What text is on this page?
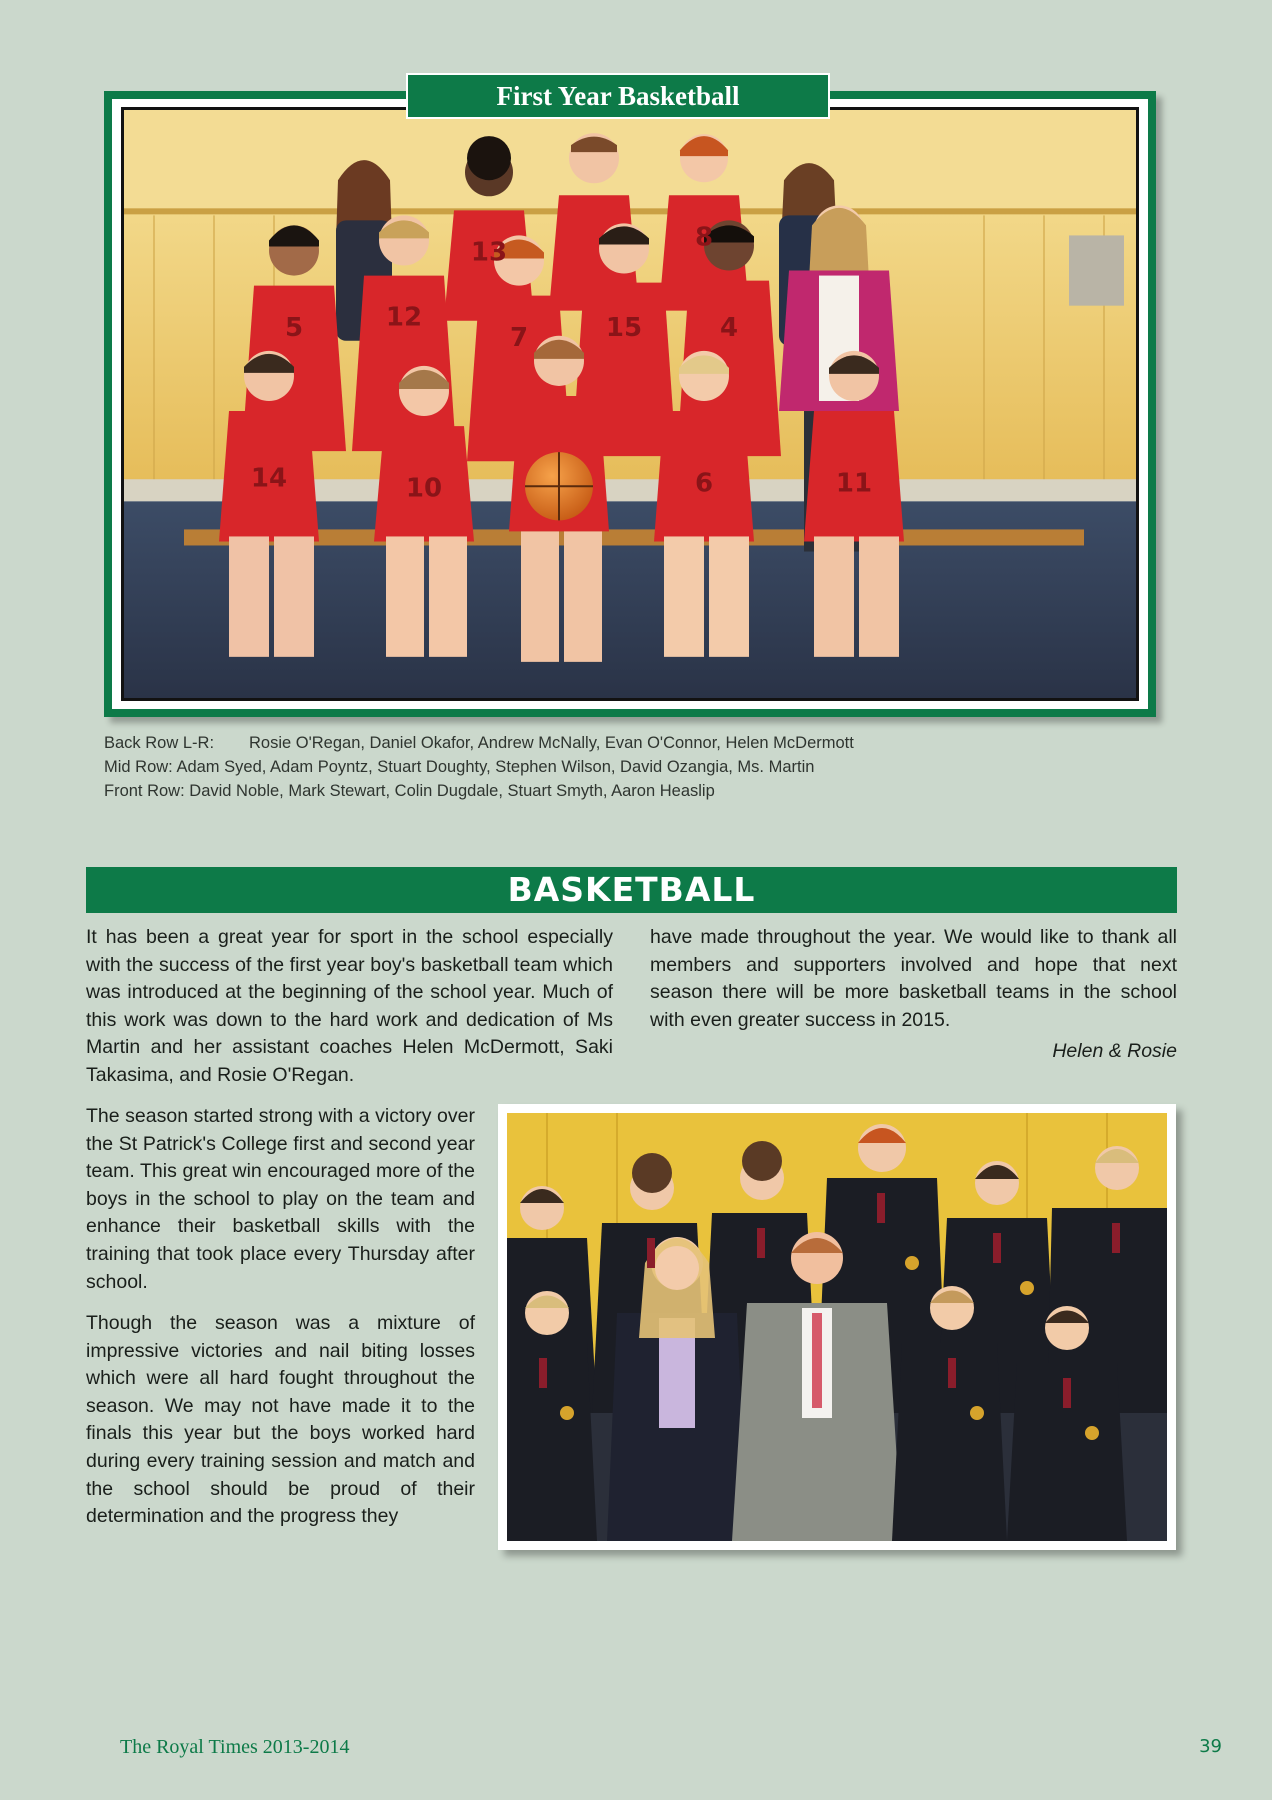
13
8
5	12
7	15	4
14	10	6	11
First Year Basketball
Back Row L-R: Rosie O'Regan, Daniel Okafor, Andrew McNally, Evan O'Connor, Helen McDermott
Mid Row: Adam Syed, Adam Poyntz, Stuart Doughty, Stephen Wilson, David Ozangia, Ms. Martin
Front Row: David Noble, Mark Stewart, Colin Dugdale, Stuart Smyth, Aaron Heaslip
BASKETBALL

It has been a great year for sport in the school especially with the success of the first year boy's basketball team which was introduced at the beginning of the school year. Much of this work was down to the hard work and dedication of Ms Martin and her assistant coaches Helen McDermott, Saki Takasima, and Rosie O'Regan.

The season started strong with a victory over the St Patrick's College first and second year team. This great win encouraged more of the boys in the school to play on the team and enhance their basketball skills with the training that took place every Thursday after school.

Though the season was a mixture of impressive victories and nail biting losses which were all hard fought throughout the season. We may not have made it to the finals this year but the boys worked hard during every training session and match and the school should be proud of their determination and the progress they

have made throughout the year. We would like to thank all members and supporters involved and hope that next season there will be more basketball teams in the school with even greater success in 2015.

Helen & Rosie
The Royal Times 2013-2014	39
